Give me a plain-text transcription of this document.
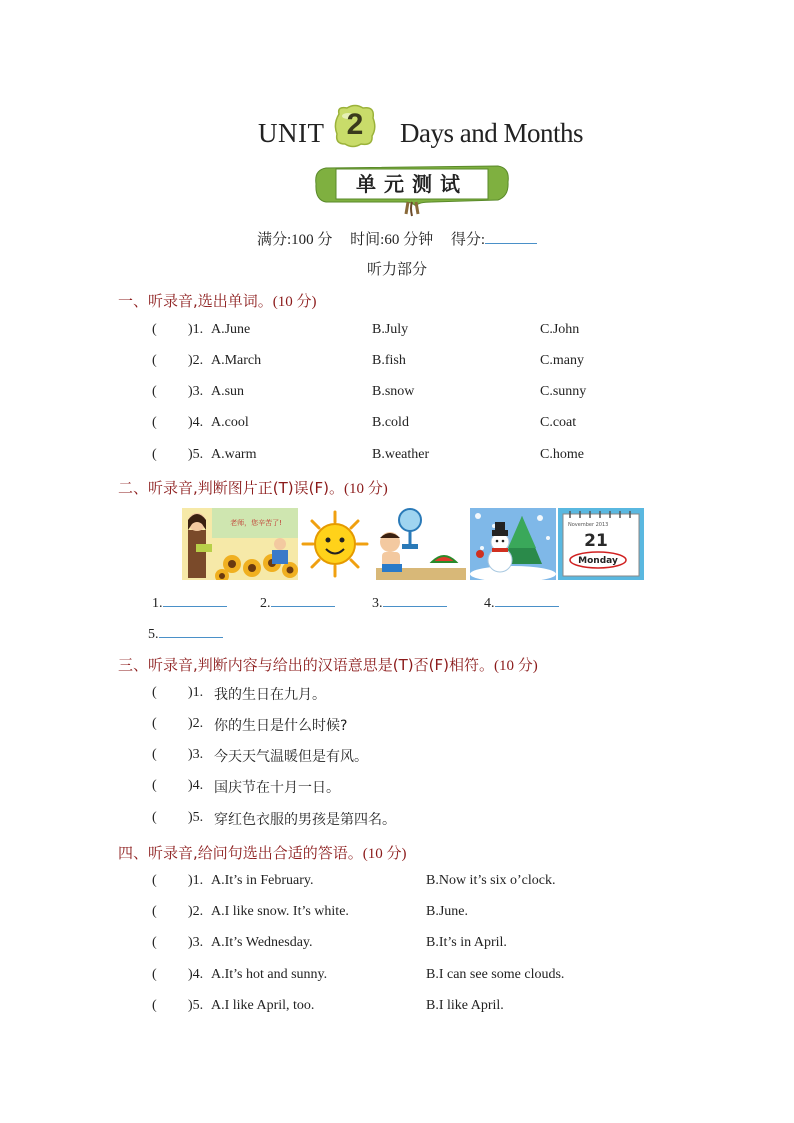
UNIT 2	Days and Months
单元测试
满分:100 分 时间:60 分钟 得分:
听力部分
一、听录音,选出单词。(10 分)
( )1. A.June	B.July	C.John
( )2. A.March	B.fish	C.many
( )3. A.sun	B.snow	C.sunny
( )4. A.cool	B.cold	C.coat
( )5. A.warm	B.weather	C.home
二、听录音,判断图片正(T)误(F)。(10 分)
老师，您辛苦了!	November 2013
21
Monday
1.	2.	3.	4.
5.
三、听录音,判断内容与给出的汉语意思是(T)否(F)相符。(10 分)
( )1. 我的生日在九月。
( )2. 你的生日是什么时候?
( )3. 今天天气温暖但是有风。
( )4. 国庆节在十月一日。
( )5. 穿红色衣服的男孩是第四名。
四、听录音,给问句选出合适的答语。(10 分)
( )1. A.It’s in February.	B.Now it’s six o’clock.
( )2. A.I like snow. It’s white.	B.June.
( )3. A.It’s Wednesday.	B.It’s in April.
( )4. A.It’s hot and sunny.	B.I can see some clouds.
( )5. A.I like April, too.	B.I like April.
